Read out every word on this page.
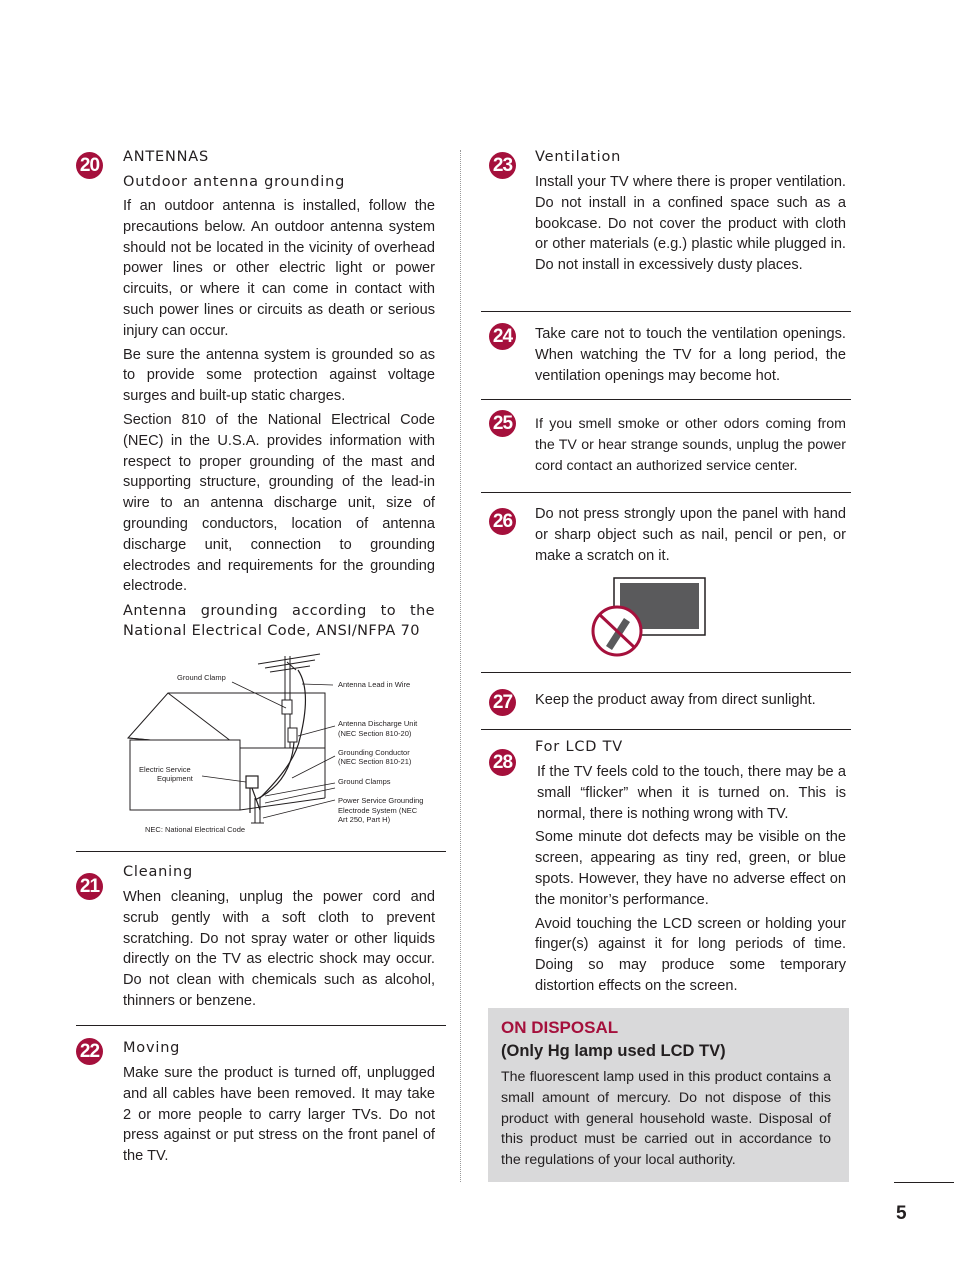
20 ANTENNAS
Outdoor antenna grounding

If an outdoor antenna is installed, follow the precautions below. An outdoor antenna system should not be located in the vicinity of overhead power lines or other electric light or power circuits, or where it can come in contact with such power lines or circuits as death or serious injury can occur.

Be sure the antenna system is grounded so as to provide some protection against voltage surges and built-up static charges.

Section 810 of the National Electrical Code (NEC) in the U.S.A. provides information with respect to proper grounding of the mast and supporting structure, grounding of the lead-in wire to an antenna discharge unit, size of grounding conductors, location of antenna discharge unit, connection to grounding electrodes and requirements for the grounding electrode.

Antenna grounding according to the
National Electrical Code, ANSI/NFPA 70
Ground Clamp
Antenna Lead in Wire
Antenna Discharge Unit
(NEC Section 810-20)
Grounding Conductor
(NEC Section 810-21)
Ground Clamps
Electric Service
Equipment
Power Service Grounding
Electrode System (NEC
Art 250, Part H)
NEC: National Electrical Code
21
Cleaning
When cleaning, unplug the power cord and scrub gently with a soft cloth to prevent scratching. Do not spray water or other liquids directly on the TV as electric shock may occur. Do not clean with chemicals such as alcohol, thinners or benzene.
22 Moving
Make sure the product is turned off, unplugged and all cables have been removed. It may take 2 or more people to carry larger TVs. Do not press against or put stress on the front panel of the TV.
23 Ventilation
Install your TV where there is proper ventilation. Do not install in a confined space such as a bookcase. Do not cover the product with cloth or other materials (e.g.) plastic while plugged in. Do not install in excessively dusty places.
24 Take care not to touch the ventilation openings. When watching the TV for a long period, the ventilation openings may become hot.
25 If you smell smoke or other odors coming from the TV or hear strange sounds, unplug the power cord contact an authorized service center.
26 Do not press strongly upon the panel with hand or sharp object such as nail, pencil or pen, or make a scratch on it.
27 Keep the product away from direct sunlight.
28
For LCD TV

If the TV feels cold to the touch, there may be a small “flicker” when it is turned on. This is normal, there is nothing wrong with TV.

Some minute dot defects may be visible on the screen, appearing as tiny red, green, or blue spots. However, they have no adverse effect on the monitor’s performance.

Avoid touching the LCD screen or holding your finger(s) against it for long periods of time. Doing so may produce some temporary distortion effects on the screen.

ON DISPOSAL
(Only Hg lamp used LCD TV)
The fluorescent lamp used in this product contains a small amount of mercury. Do not dispose of this product with general household waste. Disposal of this product must be carried out in accordance to the regulations of your local authority.
5
